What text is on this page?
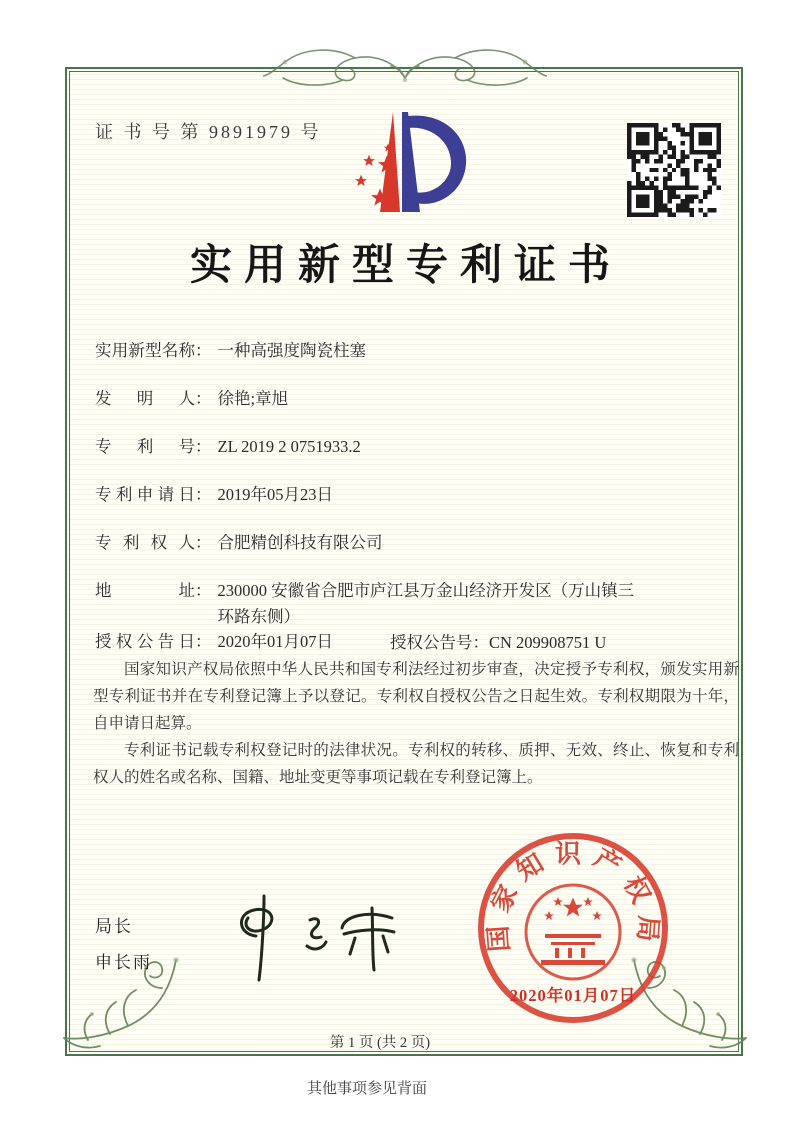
证 书 号 第 9891979 号
实用新型专利证书
实用新型名称： 一种高强度陶瓷柱塞
发明人： 徐艳;章旭
专利号： ZL 2019 2 0751933.2
专利申请日： 2019年05月23日
专利权人： 合肥精创科技有限公司
地址： 230000 安徽省合肥市庐江县万金山经济开发区（万山镇三环路东侧）
授权公告日： 2020年01月07日	授权公告号：CN 209908751 U

国家知识产权局依照中华人民共和国专利法经过初步审查，决定授予专利权，颁发实用新型专利证书并在专利登记簿上予以登记。专利权自授权公告之日起生效。专利权期限为十年，自申请日起算。

专利证书记载专利权登记时的法律状况。专利权的转移、质押、无效、终止、恢复和专利权人的姓名或名称、国籍、地址变更等事项记载在专利登记簿上。

局长
申长雨
国家知识产权局
2020年01月07日
第 1 页 (共 2 页)
其他事项参见背面
